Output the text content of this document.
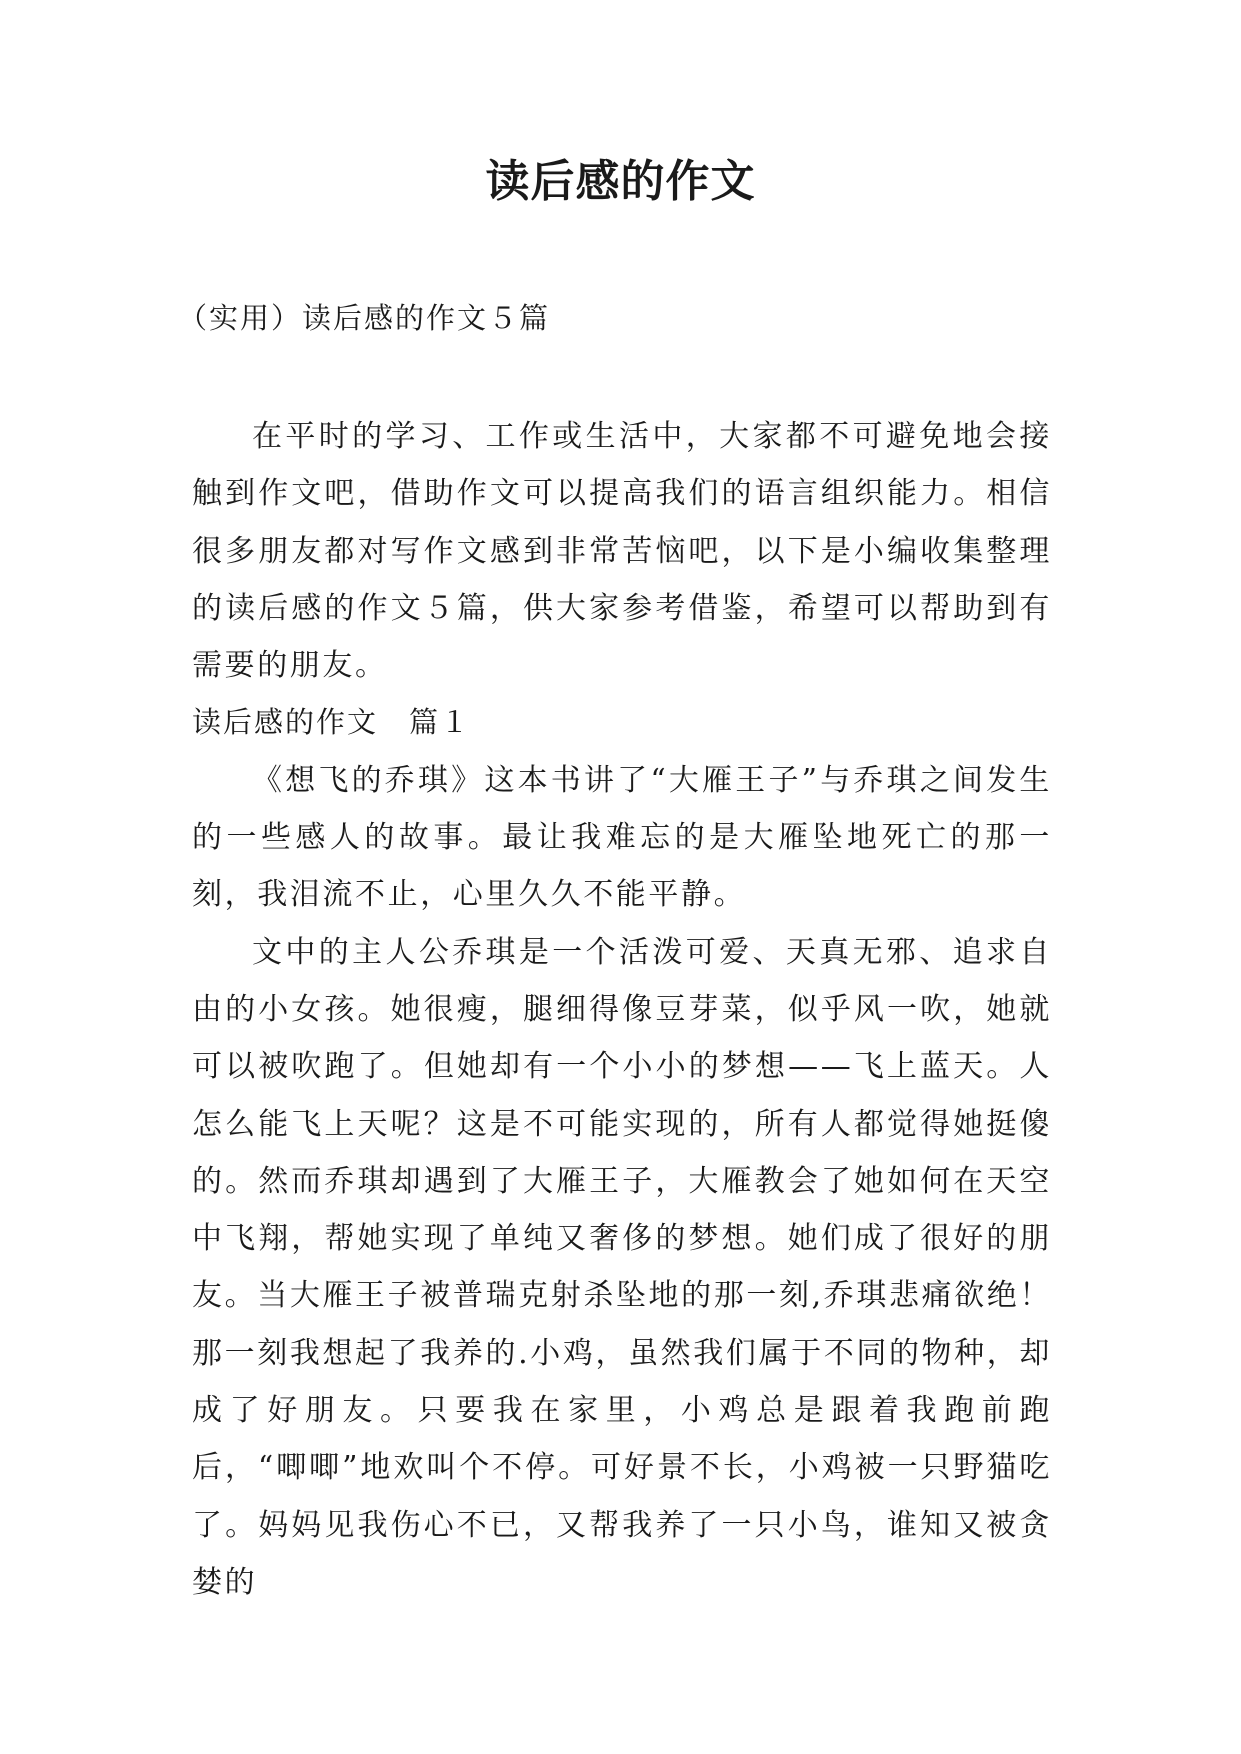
读后感的作文
（实用）读后感的作文５篇

在平时的学习、工作或生活中，大家都不可避免地会接触到作文吧，借助作文可以提高我们的语言组织能力。相信很多朋友都对写作文感到非常苦恼吧，以下是小编收集整理的读后感的作文５篇，供大家参考借鉴，希望可以帮助到有需要的朋友。

读后感的作文　篇１

《想飞的乔琪》这本书讲了“大雁王子”与乔琪之间发生的一些感人的故事。最让我难忘的是大雁坠地死亡的那一刻，我泪流不止，心里久久不能平静。

文中的主人公乔琪是一个活泼可爱、天真无邪、追求自由的小女孩。她很瘦，腿细得像豆芽菜，似乎风一吹，她就可以被吹跑了。但她却有一个小小的梦想——飞上蓝天。人怎么能飞上天呢？这是不可能实现的，所有人都觉得她挺傻的。然而乔琪却遇到了大雁王子，大雁教会了她如何在天空中飞翔，帮她实现了单纯又奢侈的梦想。她们成了很好的朋友。当大雁王子被普瑞克射杀坠地的那一刻,乔琪悲痛欲绝！那一刻我想起了我养的.小鸡，虽然我们属于不同的物种，却成了好朋友。只要我在家里，小鸡总是跟着我跑前跑后，“唧唧”地欢叫个不停。可好景不长，小鸡被一只野猫吃了。妈妈见我伤心不已，又帮我养了一只小鸟，谁知又被贪婪的
